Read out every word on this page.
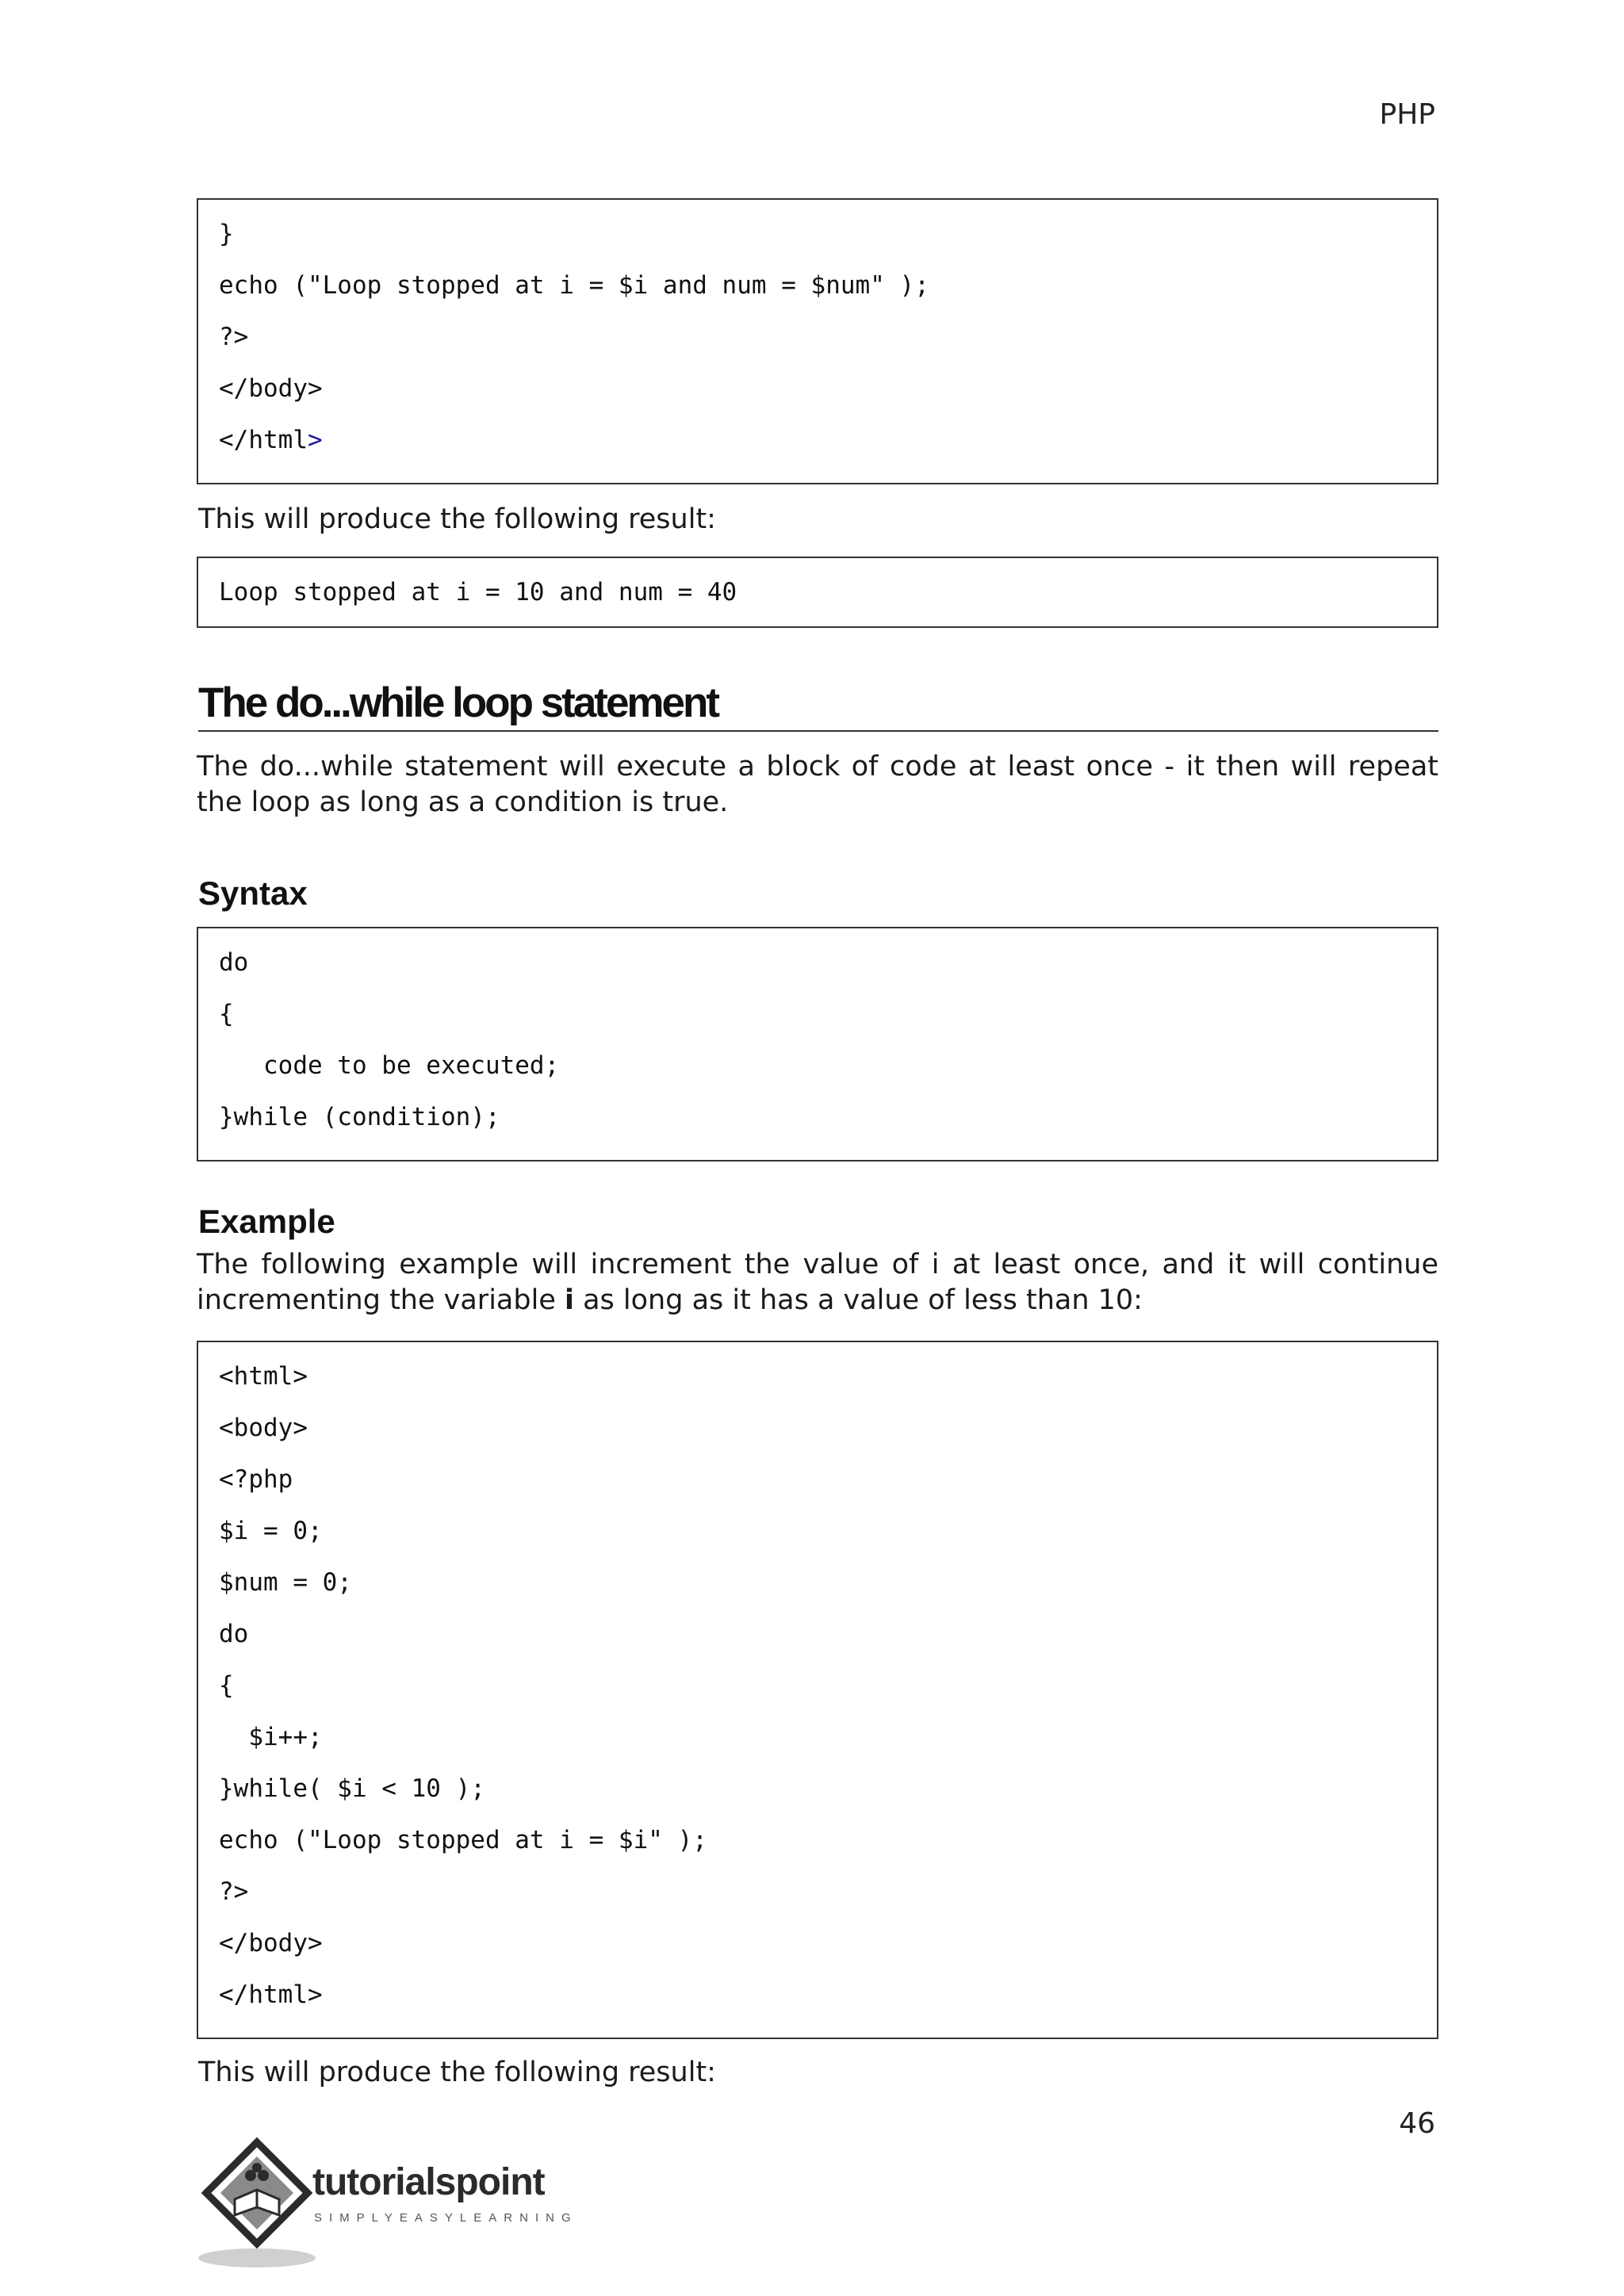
PHP
}
echo ("Loop stopped at i = $i and num = $num" );
?>
</body>
</html>

This will produce the following result:

Loop stopped at i = 10 and num = 40
The do...while loop statement

The do...while statement will execute a block of code at least once - it then will repeat the loop as long as a condition is true.

Syntax
do
{
code to be executed;
}while (condition);
Example

The following example will increment the value of i at least once, and it will continue incrementing the variable i as long as it has a value of less than 10:

<html>
<body>
<?php
$i = 0;
$num = 0;
do
{
$i++;
}while( $i < 10 );
echo ("Loop stopped at i = $i" );
?>
</body>
</html>

This will produce the following result:

46
tutorialspoint
SIMPLYEASYLEARNING
